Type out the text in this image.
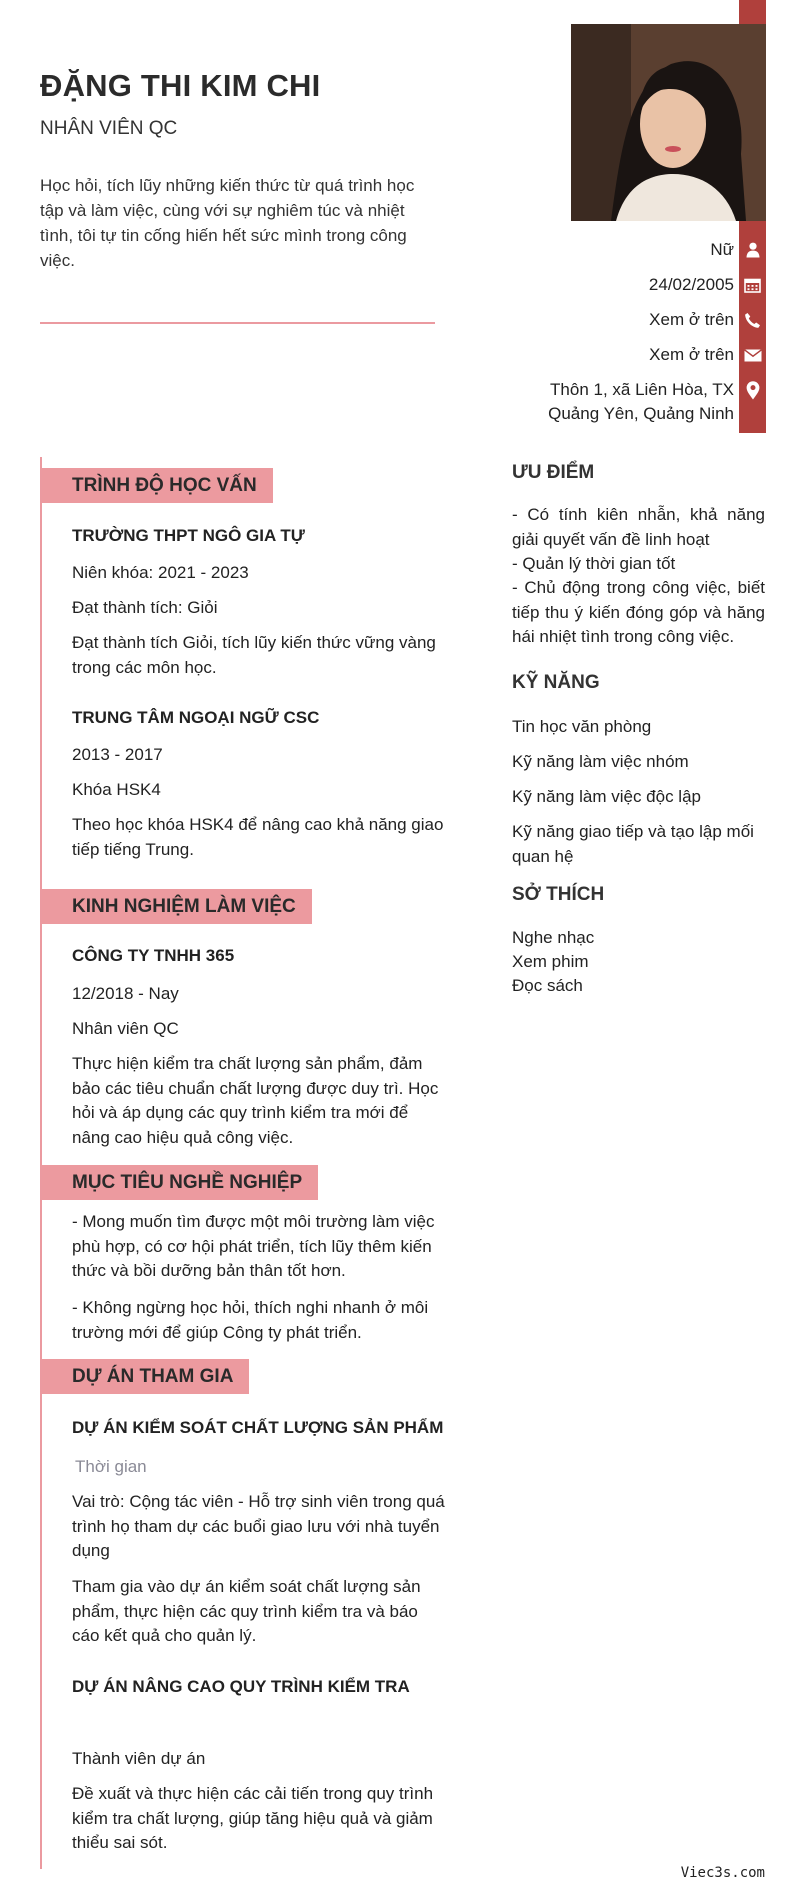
ĐẶNG THI KIM CHI
NHÂN VIÊN QC
Học hỏi, tích lũy những kiến thức từ quá trình học tập và làm việc, cùng với sự nghiêm túc và nhiệt tình, tôi tự tin cống hiến hết sức mình trong công việc.
Nữ
24/02/2005
Xem ở trên
Xem ở trên
Thôn 1, xã Liên Hòa, TX
Quảng Yên, Quảng Ninh
TRÌNH ĐỘ HỌC VẤN
TRƯỜNG THPT NGÔ GIA TỰ
Niên khóa: 2021 - 2023
Đạt thành tích: Giỏi
Đạt thành tích Giỏi, tích lũy kiến thức vững vàng trong các môn học.
TRUNG TÂM NGOẠI NGỮ CSC
2013 - 2017
Khóa HSK4
Theo học khóa HSK4 để nâng cao khả năng giao tiếp tiếng Trung.
KINH NGHIỆM LÀM VIỆC
CÔNG TY TNHH 365
12/2018 - Nay
Nhân viên QC
Thực hiện kiểm tra chất lượng sản phẩm, đảm bảo các tiêu chuẩn chất lượng được duy trì. Học hỏi và áp dụng các quy trình kiểm tra mới để nâng cao hiệu quả công việc.
MỤC TIÊU NGHỀ NGHIỆP
- Mong muốn tìm được một môi trường làm việc phù hợp, có cơ hội phát triển, tích lũy thêm kiến thức và bồi dưỡng bản thân tốt hơn.
- Không ngừng học hỏi, thích nghi nhanh ở môi trường mới để giúp Công ty phát triển.
DỰ ÁN THAM GIA
DỰ ÁN KIỂM SOÁT CHẤT LƯỢNG SẢN PHẨM
Thời gian
Vai trò: Cộng tác viên - Hỗ trợ sinh viên trong quá trình họ tham dự các buổi giao lưu với nhà tuyển dụng
Tham gia vào dự án kiểm soát chất lượng sản phẩm, thực hiện các quy trình kiểm tra và báo cáo kết quả cho quản lý.
DỰ ÁN NÂNG CAO QUY TRÌNH KIỂM TRA
Thành viên dự án
Đề xuất và thực hiện các cải tiến trong quy trình kiểm tra chất lượng, giúp tăng hiệu quả và giảm thiểu sai sót.
ƯU ĐIỂM
- Có tính kiên nhẫn, khả năng giải quyết vấn đề linh hoạt
- Quản lý thời gian tốt
- Chủ động trong công việc, biết tiếp thu ý kiến đóng góp và hăng hái nhiệt tình trong công việc.
KỸ NĂNG
Tin học văn phòng
Kỹ năng làm việc nhóm
Kỹ năng làm việc độc lập
Kỹ năng giao tiếp và tạo lập mối quan hệ
SỞ THÍCH
Nghe nhạc
Xem phim
Đọc sách
Viec3s.com
